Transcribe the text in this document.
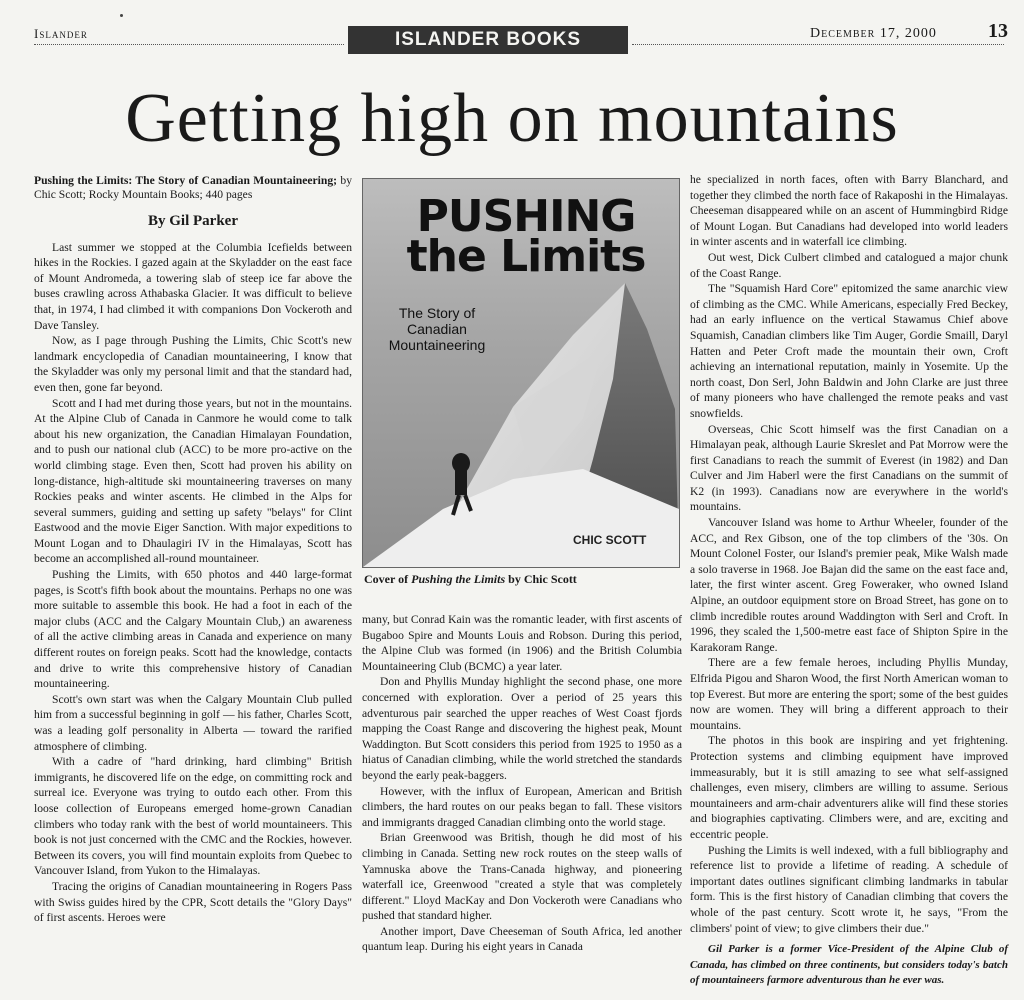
Islander	ISLANDER BOOKS	December 17, 2000	13
Getting high on mountains

Pushing the Limits: The Story of Canadian Mountaineering; by Chic Scott; Rocky Mountain Books; 440 pages

By Gil Parker

Last summer we stopped at the Columbia Icefields between hikes in the Rockies. I gazed again at the Skyladder on the east face of Mount Andromeda, a towering slab of steep ice far above the buses crawling across Athabaska Glacier. It was difficult to believe that, in 1974, I had climbed it with companions Don Vockeroth and Dave Tansley.

Now, as I page through Pushing the Limits, Chic Scott's new landmark encyclopedia of Canadian mountaineering, I know that the Skyladder was only my personal limit and that the standard had, even then, gone far beyond.

Scott and I had met during those years, but not in the mountains. At the Alpine Club of Canada in Canmore he would come to talk about his new organization, the Canadian Himalayan Foundation, and to push our national club (ACC) to be more pro-active on the world climbing stage. Even then, Scott had proven his ability on long-distance, high-altitude ski mountaineering traverses on many Rockies peaks and winter ascents. He climbed in the Alps for several summers, guiding and setting up safety "belays" for Clint Eastwood and the movie Eiger Sanction. With major expeditions to Mount Logan and to Dhaulagiri IV in the Himalayas, Scott has become an accomplished all-round mountaineer.

Pushing the Limits, with 650 photos and 440 large-format pages, is Scott's fifth book about the mountains. Perhaps no one was more suitable to assemble this book. He had a foot in each of the major clubs (ACC and the Calgary Mountain Club,) an awareness of all the active climbing areas in Canada and experience on many different routes on foreign peaks. Scott had the knowledge, contacts and drive to write this comprehensive history of Canadian mountaineering.

Scott's own start was when the Calgary Mountain Club pulled him from a successful beginning in golf — his father, Charles Scott, was a leading golf personality in Alberta — toward the rarified atmosphere of climbing.

With a cadre of "hard drinking, hard climbing" British immigrants, he discovered life on the edge, on committing rock and surreal ice. Everyone was trying to outdo each other. From this loose collection of Europeans emerged home-grown Canadian climbers who today rank with the best of world mountaineers. This book is not just concerned with the CMC and the Rockies, however. Between its covers, you will find mountain exploits from Quebec to Vancouver Island, from Yukon to the Himalayas.

Tracing the origins of Canadian mountaineering in Rogers Pass with Swiss guides hired by the CPR, Scott details the "Glory Days" of first ascents. Heroes were

PUSHING
the Limits
The Story of Canadian Mountaineering
CHIC SCOTT
Cover of Pushing the Limits by Chic Scott

many, but Conrad Kain was the romantic leader, with first ascents of Bugaboo Spire and Mounts Louis and Robson. During this period, the Alpine Club was formed (in 1906) and the British Columbia Mountaineering Club (BCMC) a year later.

Don and Phyllis Munday highlight the second phase, one more concerned with exploration. Over a period of 25 years this adventurous pair searched the upper reaches of West Coast fjords mapping the Coast Range and discovering the highest peak, Mount Waddington. But Scott considers this period from 1925 to 1950 as a hiatus of Canadian climbing, while the world stretched the standards beyond the early peak-baggers.

However, with the influx of European, American and British climbers, the hard routes on our peaks began to fall. These visitors and immigrants dragged Canadian climbing onto the world stage.

Brian Greenwood was British, though he did most of his climbing in Canada. Setting new rock routes on the steep walls of Yamnuska above the Trans-Canada highway, and pioneering waterfall ice, Greenwood "created a style that was completely different." Lloyd MacKay and Don Vockeroth were Canadians who pushed that standard higher.

Another import, Dave Cheeseman of South Africa, led another quantum leap. During his eight years in Canada

he specialized in north faces, often with Barry Blanchard, and together they climbed the north face of Rakaposhi in the Himalayas. Cheeseman disappeared while on an ascent of Hummingbird Ridge of Mount Logan. But Canadians had developed into world leaders in winter ascents and in waterfall ice climbing.

Out west, Dick Culbert climbed and catalogued a major chunk of the Coast Range.

The "Squamish Hard Core" epitomized the same anarchic view of climbing as the CMC. While Americans, especially Fred Beckey, had an early influence on the vertical Stawamus Chief above Squamish, Canadian climbers like Tim Auger, Gordie Smaill, Daryl Hatten and Peter Croft made the mountain their own, Croft achieving an international reputation, mainly in Yosemite. Up the north coast, Don Serl, John Baldwin and John Clarke are just three of many pioneers who have challenged the remote peaks and vast snowfields.

Overseas, Chic Scott himself was the first Canadian on a Himalayan peak, although Laurie Skreslet and Pat Morrow were the first Canadians to reach the summit of Everest (in 1982) and Dan Culver and Jim Haberl were the first Canadians on the summit of K2 (in 1993). Canadians now are everywhere in the world's mountains.

Vancouver Island was home to Arthur Wheeler, founder of the ACC, and Rex Gibson, one of the top climbers of the '30s. On Mount Colonel Foster, our Island's premier peak, Mike Walsh made a solo traverse in 1968. Joe Bajan did the same on the east face and, later, the first winter ascent. Greg Foweraker, who owned Island Alpine, an outdoor equipment store on Broad Street, has gone on to climb incredible routes around Waddington with Serl and Croft. In 1996, they scaled the 1,500-metre east face of Shipton Spire in the Karakoram Range.

There are a few female heroes, including Phyllis Munday, Elfrida Pigou and Sharon Wood, the first North American woman to top Everest. But more are entering the sport; some of the best guides now are women. They will bring a different approach to their mountains.

The photos in this book are inspiring and yet frightening. Protection systems and climbing equipment have improved immeasurably, but it is still amazing to see what self-assigned challenges, even misery, climbers are willing to assume. Serious mountaineers and arm-chair adventurers alike will find these stories and biographies captivating. Climbers were, and are, exciting and eccentric people.

Pushing the Limits is well indexed, with a full bibliography and reference list to provide a lifetime of reading. A schedule of important dates outlines significant climbing landmarks in tabular form. This is the first history of Canadian climbing that covers the whole of the past century. Scott wrote it, he says, "From the climbers' point of view; to give climbers their due."

Gil Parker is a former Vice-President of the Alpine Club of Canada, has climbed on three continents, but considers today's batch of mountaineers farmore adventurous than he ever was.
